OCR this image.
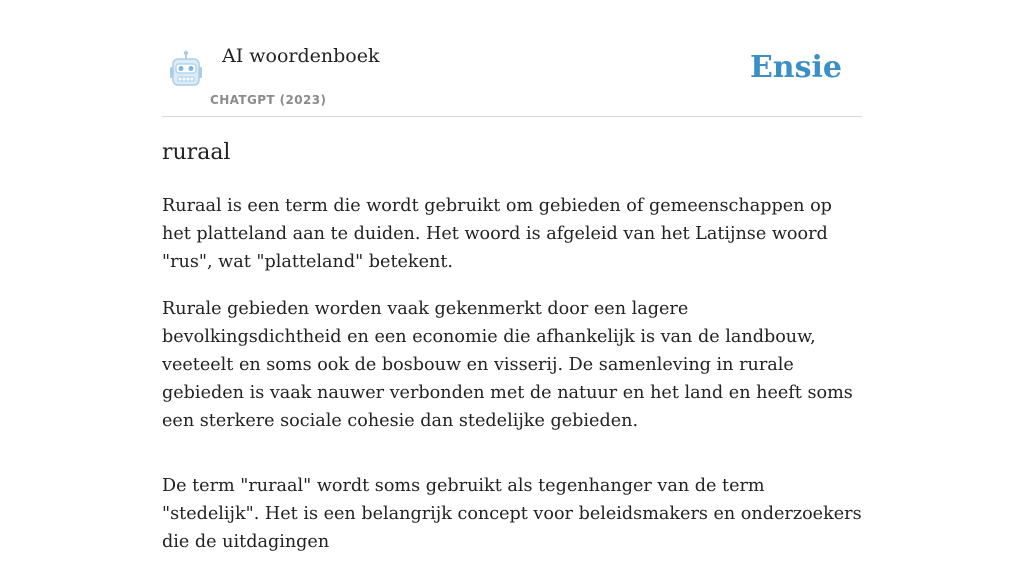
AI woordenboek
CHATGPT (2023)
Ensie
ruraal

Ruraal is een term die wordt gebruikt om gebieden of gemeenschappen op het platteland aan te duiden. Het woord is afgeleid van het Latijnse woord "rus", wat "platteland" betekent.

Rurale gebieden worden vaak gekenmerkt door een lagere bevolkingsdichtheid en een economie die afhankelijk is van de landbouw, veeteelt en soms ook de bosbouw en visserij. De samenleving in rurale gebieden is vaak nauwer verbonden met de natuur en het land en heeft soms een sterkere sociale cohesie dan stedelijke gebieden.

De term "ruraal" wordt soms gebruikt als tegenhanger van de term "stedelijk". Het is een belangrijk concept voor beleidsmakers en onderzoekers die de uitdagingen
